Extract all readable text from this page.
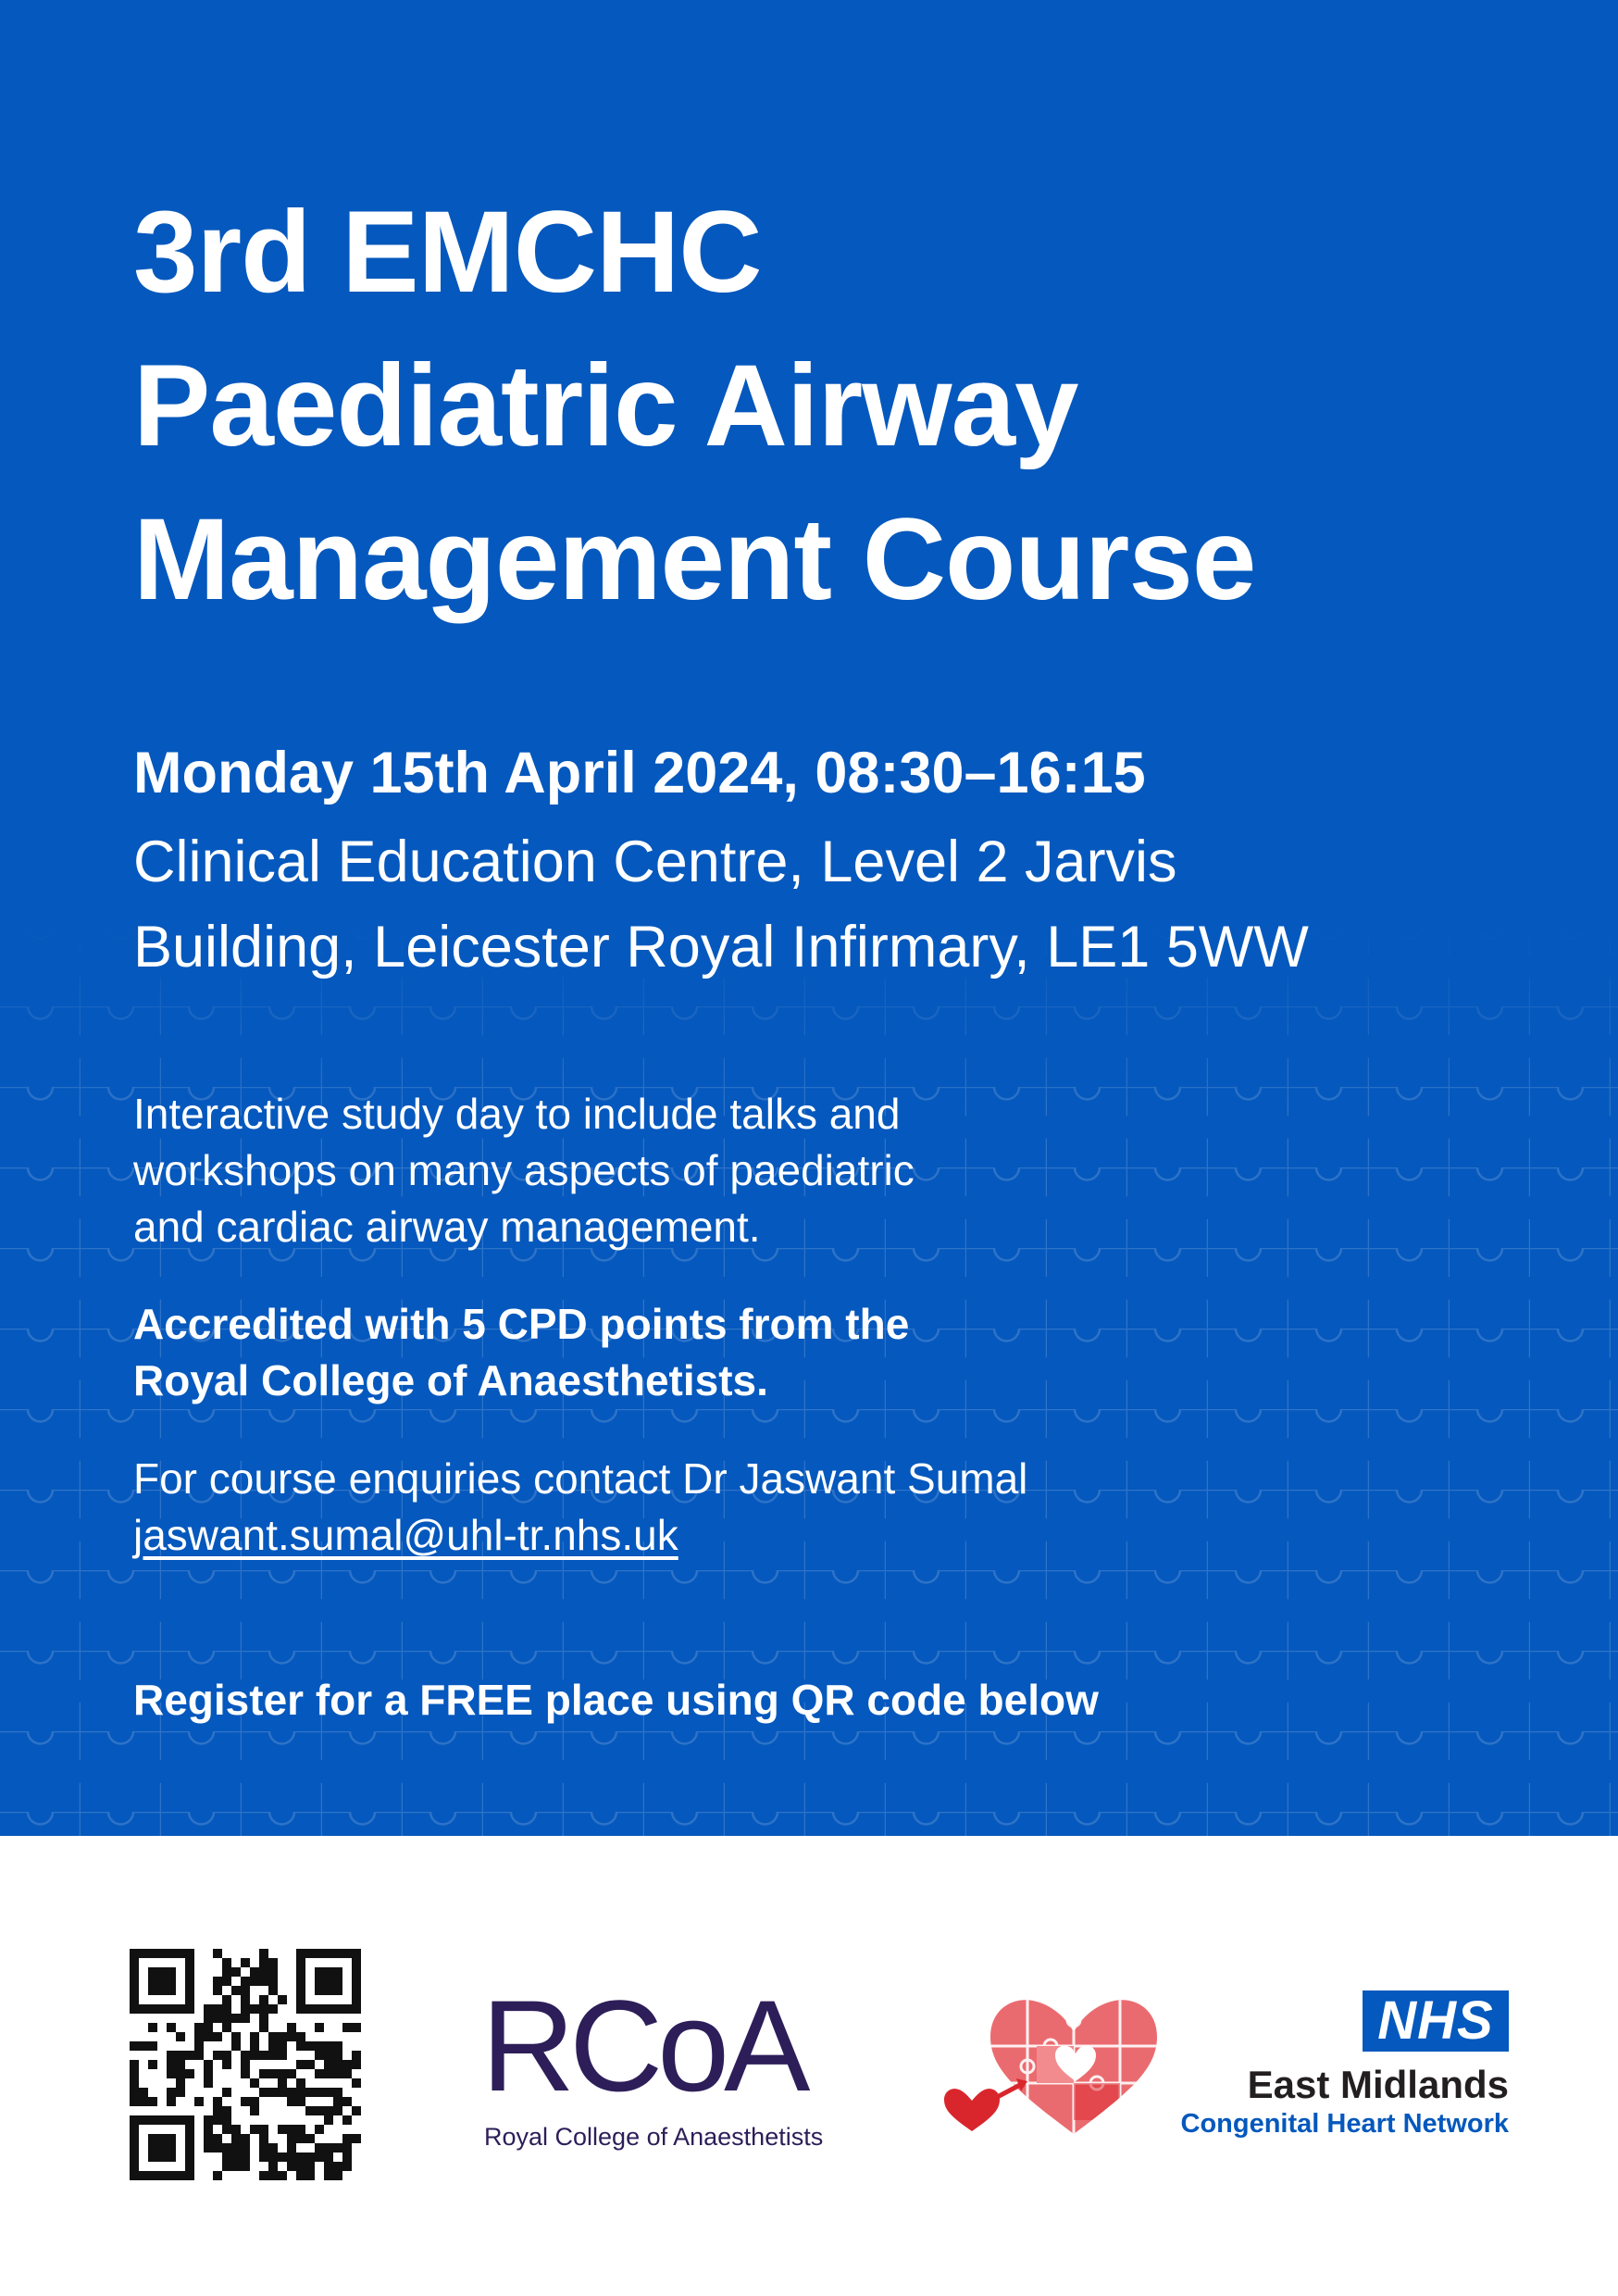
3rd EMCHC
Paediatric Airway
Management Course
Monday 15th April 2024, 08:30–16:15
Clinical Education Centre, Level 2 Jarvis
Building, Leicester Royal Infirmary, LE1 5WW
Interactive study day to include talks and
workshops on many aspects of paediatric
and cardiac airway management.
Accredited with 5 CPD points from the
Royal College of Anaesthetists.
For course enquiries contact Dr Jaswant Sumal
jaswant.sumal@uhl-tr.nhs.uk
Register for a FREE place using QR code below
RCoA
Royal College of Anaesthetists
NHS
East Midlands
Congenital Heart Network
